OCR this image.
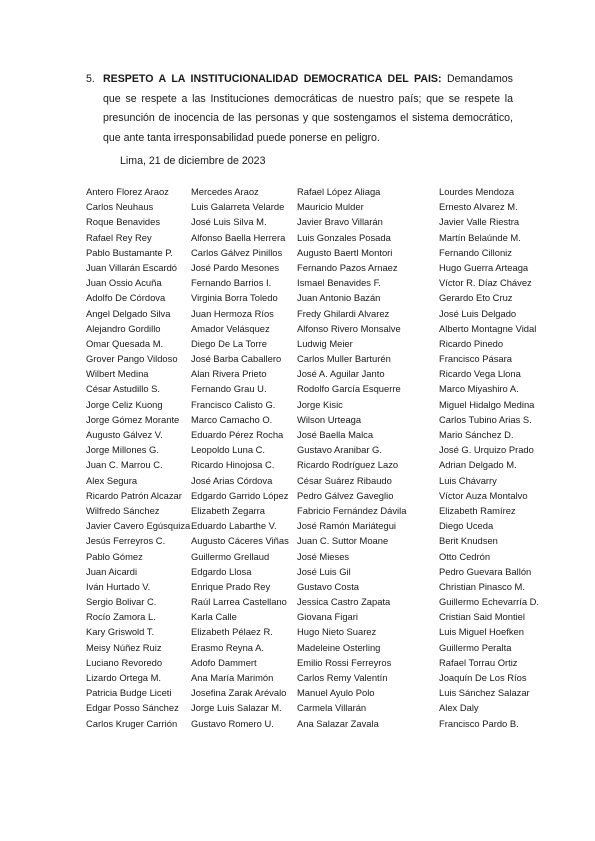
5. RESPETO A LA INSTITUCIONALIDAD DEMOCRATICA DEL PAIS: Demandamos que se respete a las Instituciones democráticas de nuestro país; que se respete la presunción de inocencia de las personas y que sostengamos el sistema democrático, que ante tanta irresponsabilidad puede ponerse en peligro.
Lima, 21 de diciembre de 2023
Antero Florez Araoz
Carlos Neuhaus
Roque Benavides
Rafael Rey Rey
Pablo Bustamante P.
Juan Villarán Escardó
Juan Ossio Acuña
Adolfo De Córdova
Angel Delgado Silva
Alejandro Gordillo
Omar Quesada M.
Grover Pango Vildoso
Wilbert Medina
César Astudillo S.
Jorge Celiz Kuong
Jorge Gómez Morante
Augusto Gálvez V.
Jorge Millones G.
Juan C. Marrou C.
Alex Segura
Ricardo Patrón Alcazar
Wilfredo Sánchez
Javier Cavero Egúsquiza
Jesús Ferreyros C.
Pablo Gómez
Juan Aicardi
Iván Hurtado V.
Sergio Bolivar C.
Rocío Zamora L.
Kary Griswold T.
Meisy Núñez Ruiz
Luciano Revoredo
Lizardo Ortega M.
Patricia Budge Liceti
Edgar Posso Sánchez
Carlos Kruger Carrión
Mercedes Araoz
Luis Galarreta Velarde
José Luis Silva M.
Alfonso Baella Herrera
Carlos Gálvez Pinillos
José Pardo Mesones
Fernando Barrios I.
Virginia Borra Toledo
Juan Hermoza Ríos
Amador Velásquez
Diego De La Torre
José Barba Caballero
Alan Rivera Prieto
Fernando Grau U.
Francisco Calisto G.
Marco Camacho O.
Eduardo Pérez Rocha
Leopoldo Luna C.
Ricardo Hinojosa C.
José Arias Córdova
Edgardo Garrido López
Elizabeth Zegarra
Eduardo Labarthe V.
Augusto Cáceres Viñas
Guillermo Grellaud
Edgardo Llosa
Enrique Prado Rey
Raúl Larrea Castellano
Karla Calle
Elizabeth Pélaez R.
Erasmo Reyna A.
Adofo Dammert
Ana María Marimón
Josefina Zarak Arévalo
Jorge Luis Salazar M.
Gustavo Romero U.
Rafael López Aliaga
Mauricio Mulder
Javier Bravo Villarán
Luis Gonzales Posada
Augusto Baertl Montori
Fernando Pazos Arnaez
Ismael Benavides F.
Juan Antonio Bazán
Fredy Ghilardi Alvarez
Alfonso Rivero Monsalve
Ludwig Meier
Carlos Muller Barturén
José A. Aguilar Janto
Rodolfo García Esquerre
Jorge Kisic
Wilson Urteaga
José Baella Malca
Gustavo Aranibar G.
Ricardo Rodríguez Lazo
César Suárez Ribaudo
Pedro Gálvez Gaveglio
Fabricio Fernández Dávila
José Ramón Mariátegui
Juan C. Suttor Moane
José Mieses
José Luis Gil
Gustavo Costa
Jessica Castro Zapata
Giovana Figari
Hugo Nieto Suarez
Madeleine Osterling
Emilio Rossi Ferreyros
Carlos Remy Valentín
Manuel Ayulo Polo
Carmela Villarán
Ana Salazar Zavala
Lourdes Mendoza
Ernesto Alvarez M.
Javier Valle Riestra
Martín Belaúnde M.
Fernando Cilloniz
Hugo Guerra Arteaga
Víctor R. Díaz Chávez
Gerardo Eto Cruz
José Luis Delgado
Alberto Montagne Vidal
Ricardo Pinedo
Francisco Pásara
Ricardo Vega Llona
Marco Miyashiro A.
Miguel Hidalgo Medina
Carlos Tubino Arias S.
Mario Sánchez D.
José G. Urquizo Prado
Adrian Delgado M.
Luis Chávarry
Víctor Auza Montalvo
Elizabeth Ramírez
Diego Uceda
Berit Knudsen
Otto Cedrón
Pedro Guevara Ballón
Christian Pinasco M.
Guillermo Echevarría D.
Cristian Said Montiel
Luis Miguel Hoefken
Guillermo Peralta
Rafael Torrau Ortiz
Joaquín De Los Ríos
Luis Sánchez Salazar
Alex Daly
Francisco Pardo B.
